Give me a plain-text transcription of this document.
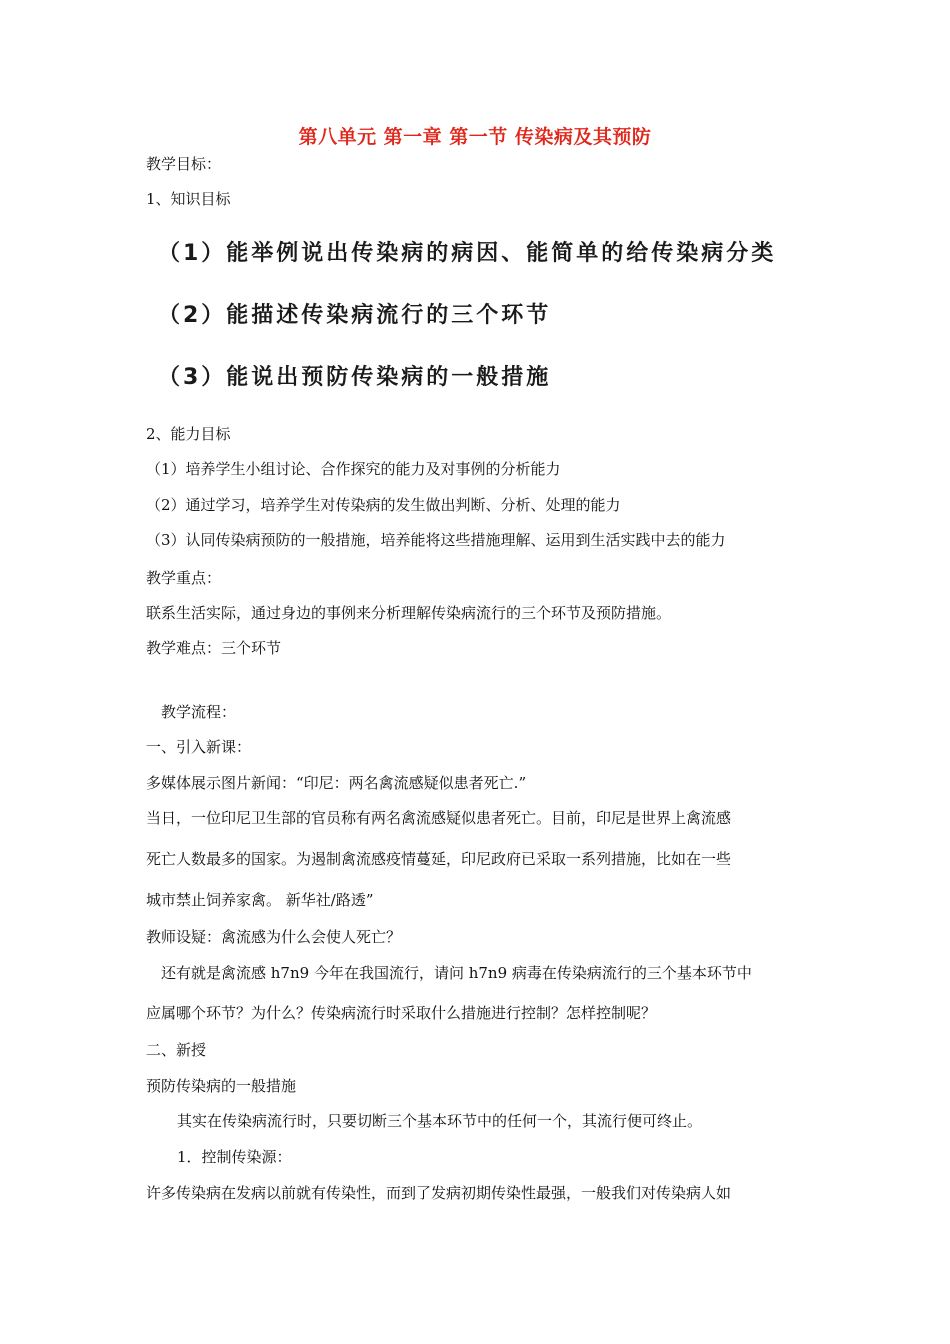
第八单元 第一章 第一节 传染病及其预防
教学目标：
1、知识目标
（1）能举例说出传染病的病因、能简单的给传染病分类
（2）能描述传染病流行的三个环节
（3）能说出预防传染病的一般措施
2、能力目标
（1）培养学生小组讨论、合作探究的能力及对事例的分析能力
（2）通过学习，培养学生对传染病的发生做出判断、分析、处理的能力
（3）认同传染病预防的一般措施，培养能将这些措施理解、运用到生活实践中去的能力
教学重点：
联系生活实际，通过身边的事例来分析理解传染病流行的三个环节及预防措施。
教学难点：三个环节
教学流程：
一、引入新课：
多媒体展示图片新闻：“印尼：两名禽流感疑似患者死亡.”
当日，一位印尼卫生部的官员称有两名禽流感疑似患者死亡。目前，印尼是世界上禽流感
死亡人数最多的国家。为遏制禽流感疫情蔓延，印尼政府已采取一系列措施，比如在一些
城市禁止饲养家禽。 新华社/路透”
教师设疑：禽流感为什么会使人死亡？
还有就是禽流感 h7n9 今年在我国流行，请问 h7n9 病毒在传染病流行的三个基本环节中
应属哪个环节？为什么？传染病流行时采取什么措施进行控制？怎样控制呢？
二、新授
预防传染病的一般措施
其实在传染病流行时，只要切断三个基本环节中的任何一个，其流行便可终止。
1．控制传染源：
许多传染病在发病以前就有传染性，而到了发病初期传染性最强，一般我们对传染病人如
